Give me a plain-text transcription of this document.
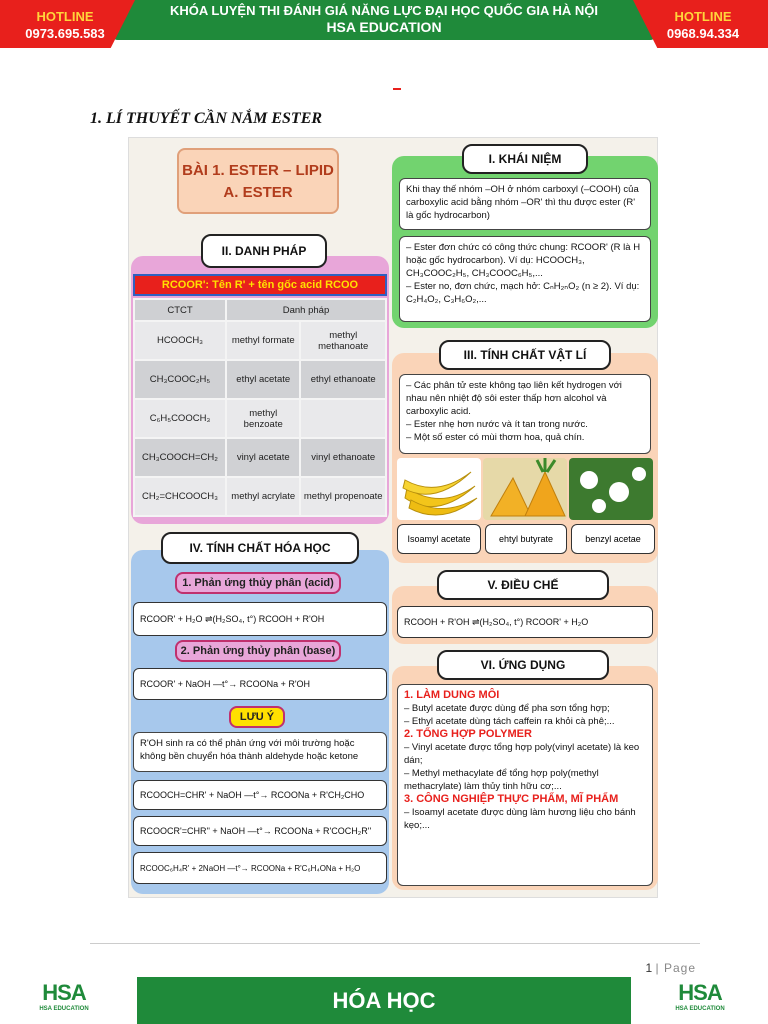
HOTLINE
0973.695.583
HOTLINE
0968.94.334
KHÓA LUYỆN THI ĐÁNH GIÁ NĂNG LỰC ĐẠI HỌC QUỐC GIA HÀ NỘI
HSA EDUCATION
1. LÍ THUYẾT CẦN NẮM ESTER
BÀI 1. ESTER – LIPID
A. ESTER
II. DANH PHÁP
RCOOR': Tên R' + tên gốc acid RCOO
CTCT	Danh pháp	
HCOOCH₃	methyl formate	methyl methanoate
CH₃COOC₂H₅	ethyl acetate	ethyl ethanoate
C₆H₅COOCH₃	methyl benzoate	
CH₃COOCH=CH₂	vinyl acetate	vinyl ethanoate
CH₂=CHCOOCH₃	methyl acrylate	methyl propenoate
I. KHÁI NIỆM
Khi thay thế nhóm –OH ở nhóm carboxyl (–COOH) của carboxylic acid bằng nhóm –OR' thì thu được ester (R' là gốc hydrocarbon)
– Ester đơn chức có công thức chung: RCOOR' (R là H hoặc gốc hydrocarbon). Ví dụ: HCOOCH₃, CH₃COOC₂H₅, CH₃COOC₆H₅,...
– Ester no, đơn chức, mạch hở: CₙH₂ₙO₂ (n ≥ 2). Ví dụ: C₂H₄O₂, C₃H₆O₂,...
III. TÍNH CHẤT VẬT LÍ
– Các phân tử este không tạo liên kết hydrogen với nhau nên nhiệt độ sôi ester thấp hơn alcohol và carboxylic acid.
– Ester nhẹ hơn nước và ít tan trong nước.
– Một số ester có mùi thơm hoa, quả chín.
Isoamyl acetate	ehtyl butyrate	benzyl acetae
IV. TÍNH CHẤT HÓA HỌC
1. Phản ứng thủy phân (acid)
RCOOR' + H₂O ⇌(H₂SO₄, t°) RCOOH + R'OH
2. Phản ứng thủy phân (base)
RCOOR' + NaOH —t°→ RCOONa + R'OH
LƯU Ý
R'OH sinh ra có thể phản ứng với môi trường hoặc không bền chuyển hóa thành aldehyde hoặc ketone
RCOOCH=CHR' + NaOH —t°→ RCOONa + R'CH₂CHO
RCOOCR'=CHR'' + NaOH —t°→ RCOONa + R'COCH₂R''
RCOOC₆H₄R' + 2NaOH —t°→ RCOONa + R'C₆H₄ONa + H₂O
V. ĐIỀU CHẾ
RCOOH + R'OH ⇌(H₂SO₄, t°) RCOOR' + H₂O
VI. ỨNG DỤNG
1. LÀM DUNG MÔI
– Butyl acetate được dùng để pha sơn tổng hợp;
– Ethyl acetate dùng tách caffein ra khỏi cà phê;...
2. TỔNG HỢP POLYMER
– Vinyl acetate được tổng hợp poly(vinyl acetate) là keo dán;
– Methyl methacylate để tổng hợp poly(methyl methacrylate) làm thủy tinh hữu cơ;...
3. CÔNG NGHIỆP THỰC PHẨM, MĨ PHẨM
– Isoamyl acetate được dùng làm hương liệu cho bánh kẹo;...
1 | Page
HSA
HSA EDUCATION	HÓA HỌC	HSA
HSA EDUCATION
